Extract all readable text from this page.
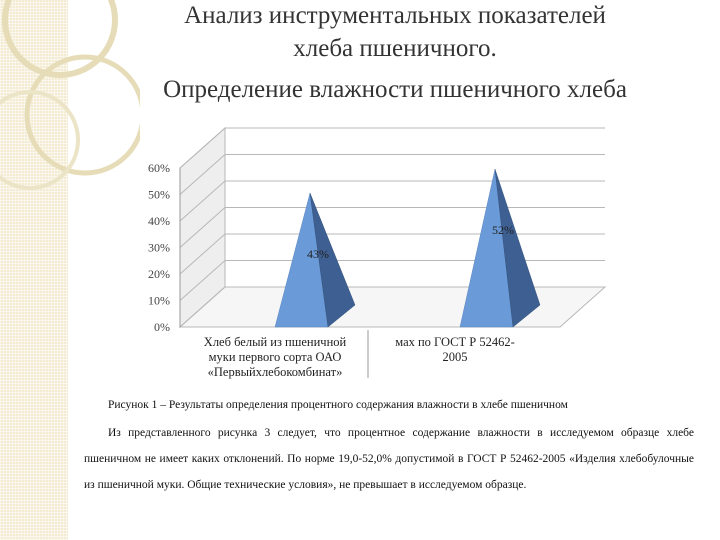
Анализ инструментальных показателей
хлеба пшеничного.
Определение влажности пшеничного хлеба
0%
10%
20%
30%
40%
50%
60%
43%
52%
Хлеб белый из пшеничной муки первого сорта ОАО «Первыйхлебокомбинат»
мах по ГОСТ Р 52462-2005
Рисунок 1 – Результаты определения процентного содержания влажности в хлебе пшеничном

Из представленного рисунка 3 следует, что процентное содержание влажности в исследуемом образце хлебе пшеничном не имеет каких отклонений. По норме 19,0-52,0% допустимой в ГОСТ Р 52462-2005 «Изделия хлебобулочные из пшеничной муки. Общие технические условия», не превышает в исследуемом образце.
